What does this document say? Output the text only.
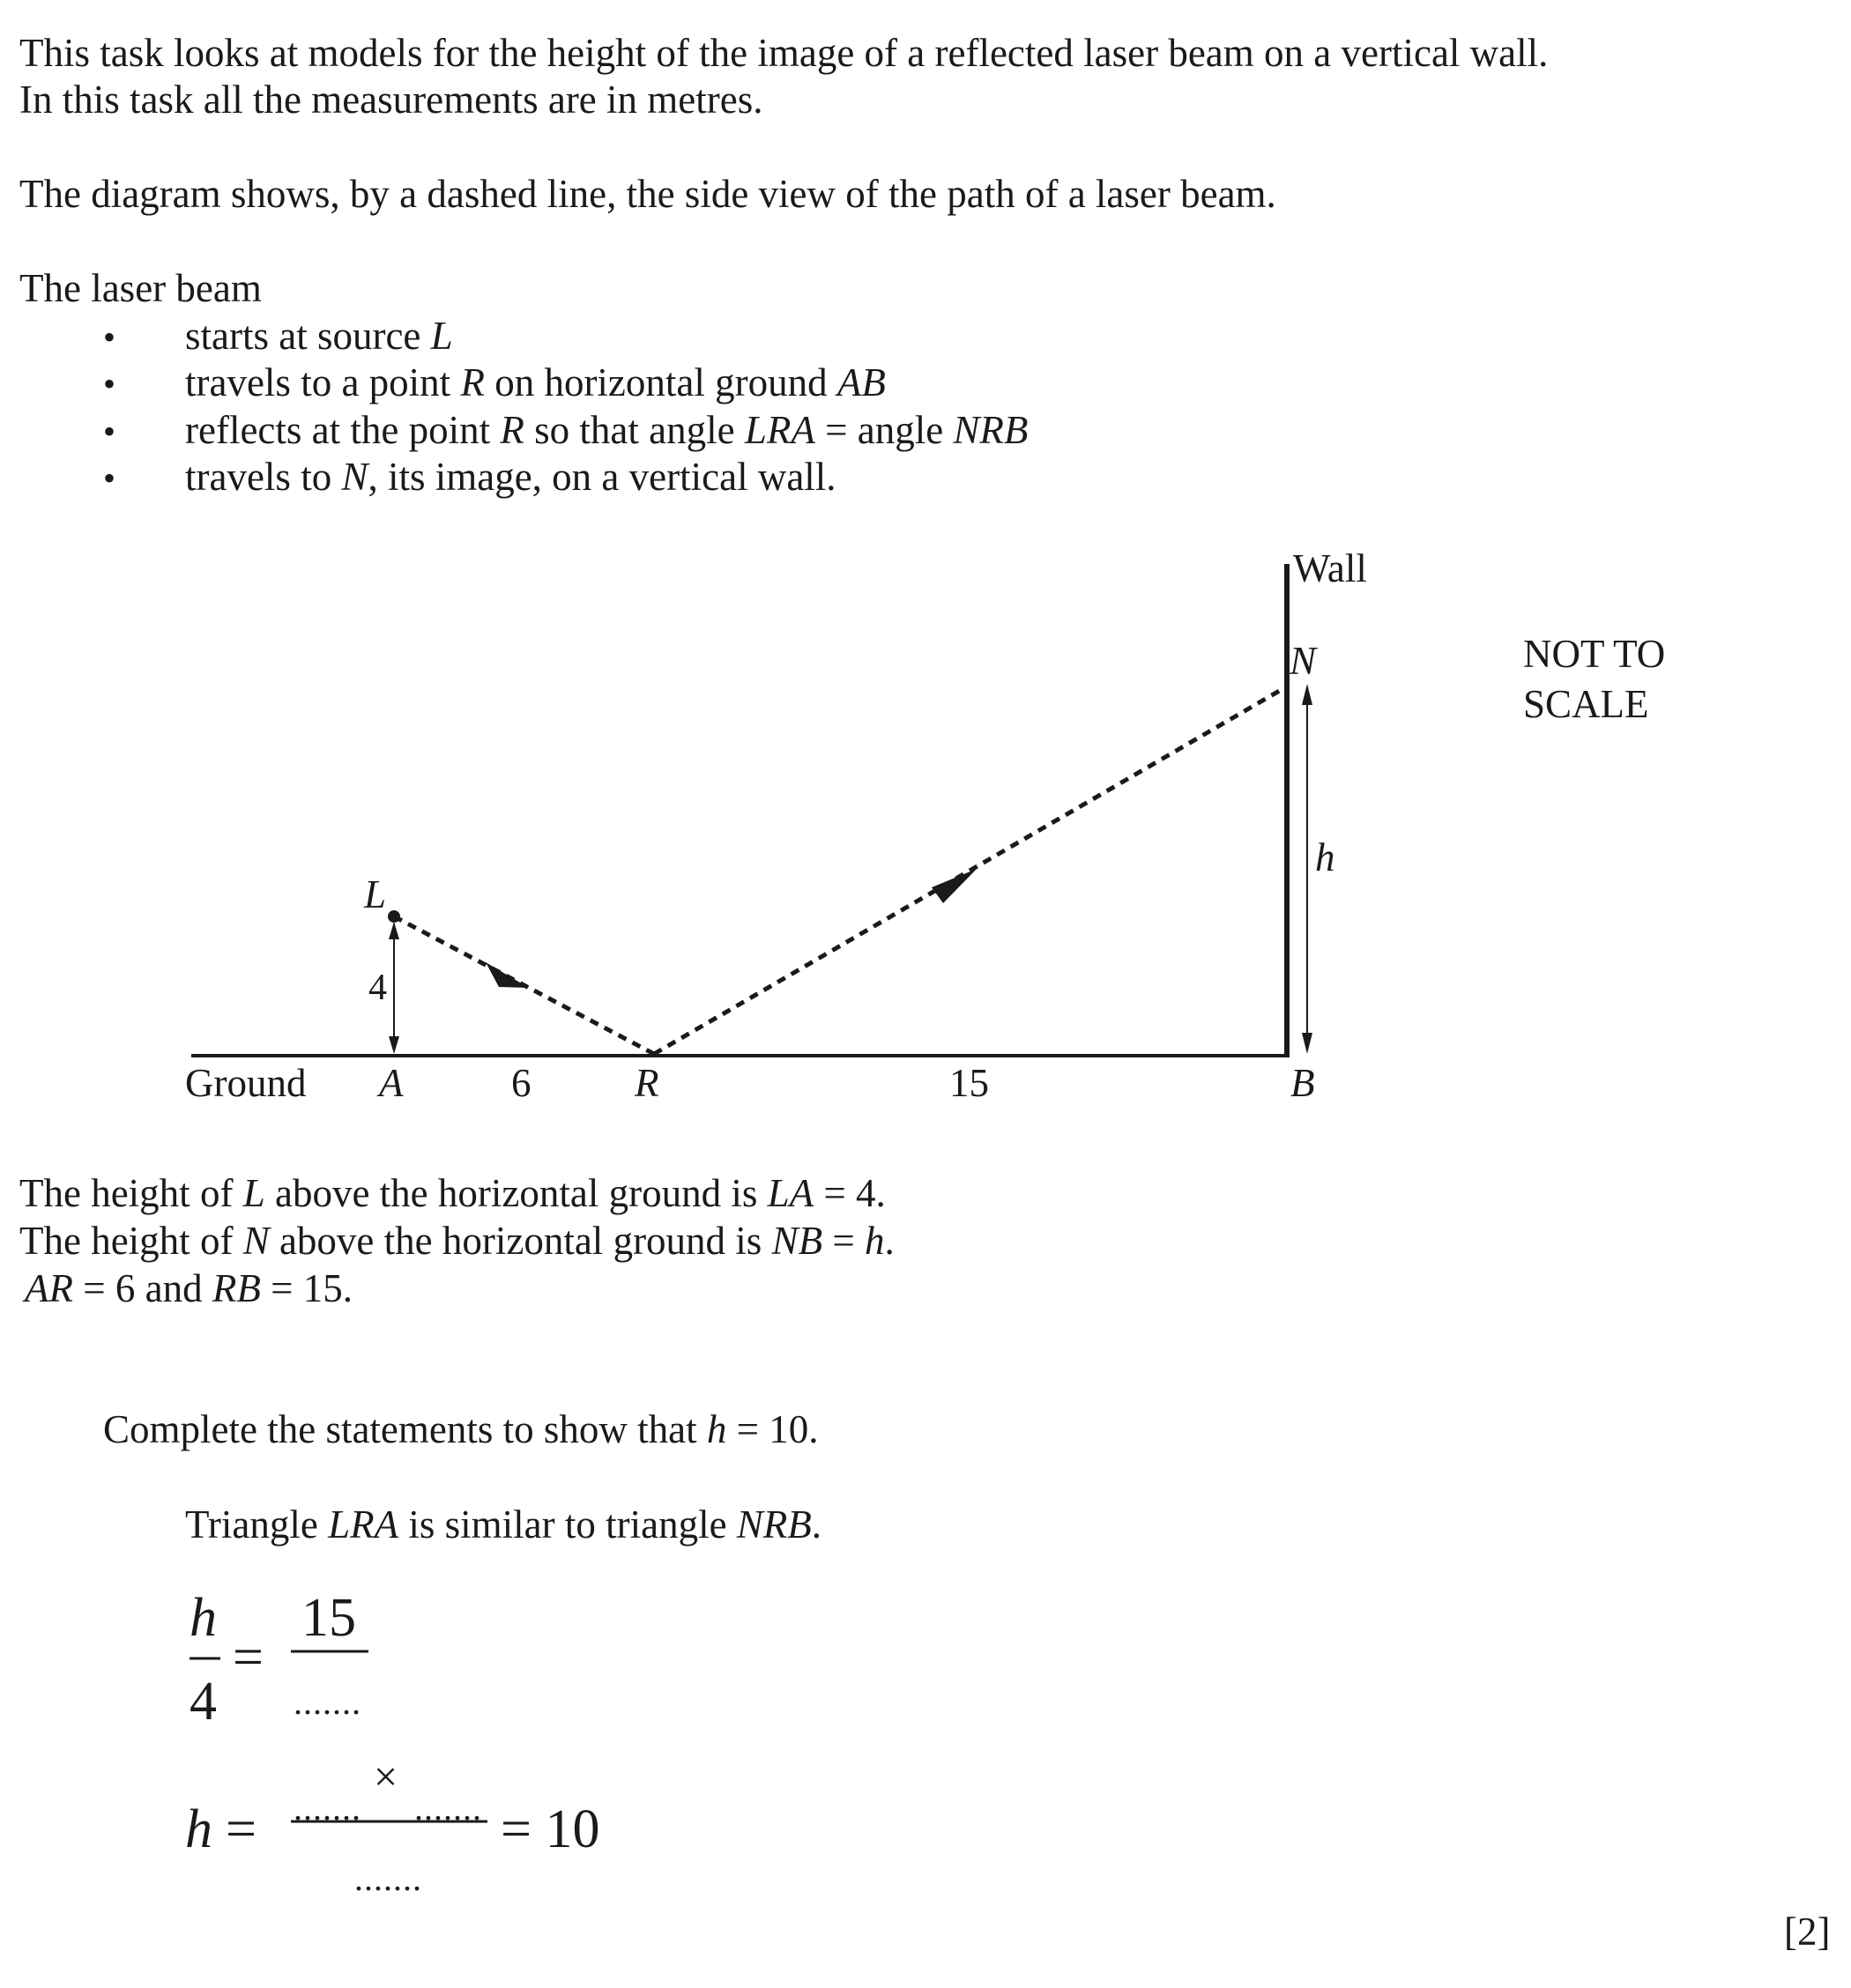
This task looks at models for the height of the image of a reflected laser beam on a vertical wall.
In this task all the measurements are in metres.
The diagram shows, by a dashed line, the side view of the path of a laser beam.
The laser beam
• starts at source L
• travels to a point R on horizontal ground AB
• reflects at the point R so that angle LRA = angle NRB
• travels to N, its image, on a vertical wall.
Wall
N	NOT TO
SCALE
h
L
4
Ground A	6	R	15	B
The height of L above the horizontal ground is LA = 4.
The height of N above the horizontal ground is NB = h.
AR = 6 and RB = 15.
Complete the statements to show that h = 10.
Triangle LRA is similar to triangle NRB.
h
4
=
15
.......
h = .......
×
.......
.......
= 10
[2]
